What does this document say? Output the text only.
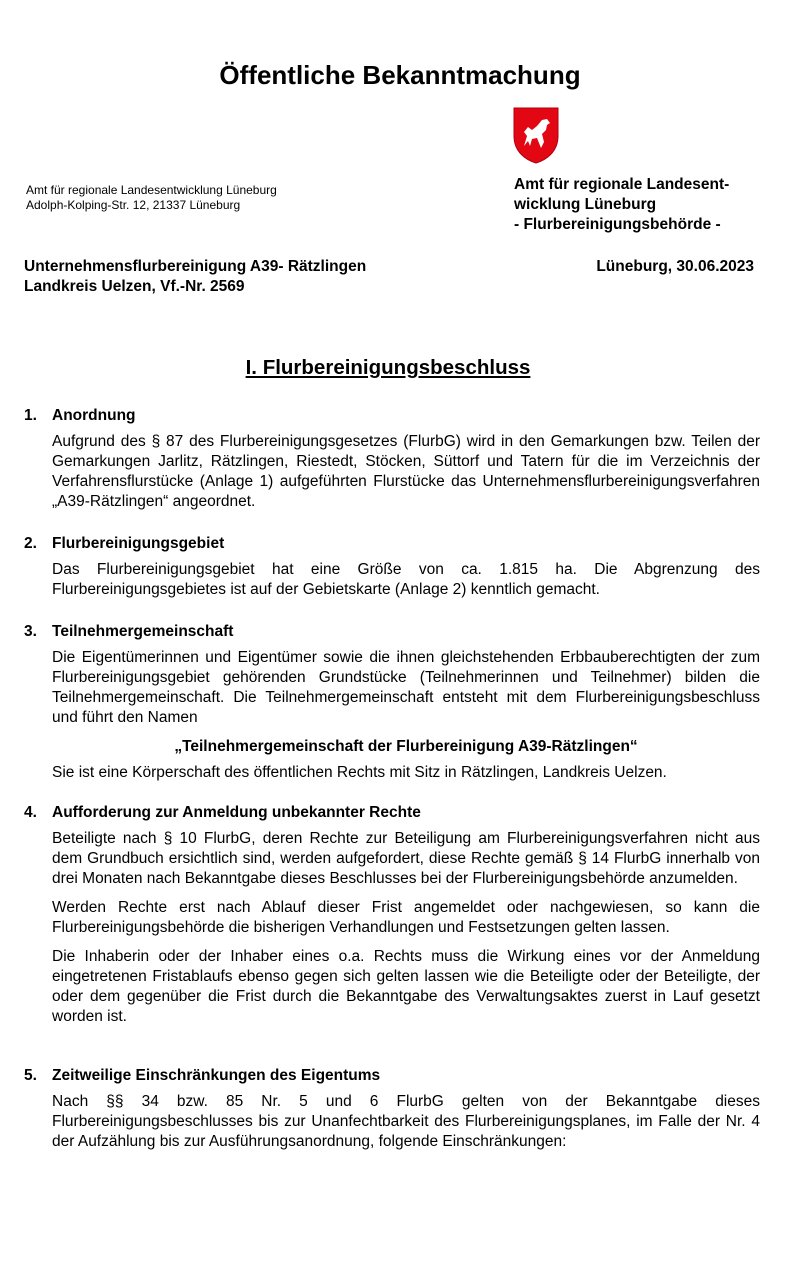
Öffentliche Bekanntmachung
Amt für regionale Landesentwicklung Lüneburg
Adolph-Kolping-Str. 12, 21337 Lüneburg
Amt für regionale Landesent-
wicklung Lüneburg
- Flurbereinigungsbehörde -
Unternehmensflurbereinigung A39- Rätzlingen
Landkreis Uelzen, Vf.-Nr. 2569
Lüneburg, 30.06.2023
I. Flurbereinigungsbeschluss
1. Anordnung
Aufgrund des § 87 des Flurbereinigungsgesetzes (FlurbG) wird in den Gemarkungen bzw. Teilen der Gemarkungen Jarlitz, Rätzlingen, Riestedt, Stöcken, Süttorf und Tatern für die im Verzeichnis der Verfahrensflurstücke (Anlage 1) aufgeführten Flurstücke das Unternehmensflurbereinigungsverfahren „A39-Rätzlingen“ angeordnet.
2. Flurbereinigungsgebiet
Das Flurbereinigungsgebiet hat eine Größe von ca. 1.815 ha. Die Abgrenzung des Flurbereinigungsgebietes ist auf der Gebietskarte (Anlage 2) kenntlich gemacht.
3. Teilnehmergemeinschaft
Die Eigentümerinnen und Eigentümer sowie die ihnen gleichstehenden Erbbauberechtigten der zum Flurbereinigungsgebiet gehörenden Grundstücke (Teilnehmerinnen und Teilnehmer) bilden die Teilnehmergemeinschaft. Die Teilnehmergemeinschaft entsteht mit dem Flurbereinigungsbeschluss und führt den Namen
„Teilnehmergemeinschaft der Flurbereinigung A39-Rätzlingen“
Sie ist eine Körperschaft des öffentlichen Rechts mit Sitz in Rätzlingen, Landkreis Uelzen.
4. Aufforderung zur Anmeldung unbekannter Rechte
Beteiligte nach § 10 FlurbG, deren Rechte zur Beteiligung am Flurbereinigungsverfahren nicht aus dem Grundbuch ersichtlich sind, werden aufgefordert, diese Rechte gemäß § 14 FlurbG innerhalb von drei Monaten nach Bekanntgabe dieses Beschlusses bei der Flurbereinigungsbehörde anzumelden.
Werden Rechte erst nach Ablauf dieser Frist angemeldet oder nachgewiesen, so kann die Flurbereinigungsbehörde die bisherigen Verhandlungen und Festsetzungen gelten lassen.
Die Inhaberin oder der Inhaber eines o.a. Rechts muss die Wirkung eines vor der Anmeldung eingetretenen Fristablaufs ebenso gegen sich gelten lassen wie die Beteiligte oder der Beteiligte, der oder dem gegenüber die Frist durch die Bekanntgabe des Verwaltungsaktes zuerst in Lauf gesetzt worden ist.
5. Zeitweilige Einschränkungen des Eigentums
Nach §§ 34 bzw. 85 Nr. 5 und 6 FlurbG gelten von der Bekanntgabe dieses Flurbereinigungsbeschlusses bis zur Unanfechtbarkeit des Flurbereinigungsplanes, im Falle der Nr. 4 der Aufzählung bis zur Ausführungsanordnung, folgende Einschränkungen:
